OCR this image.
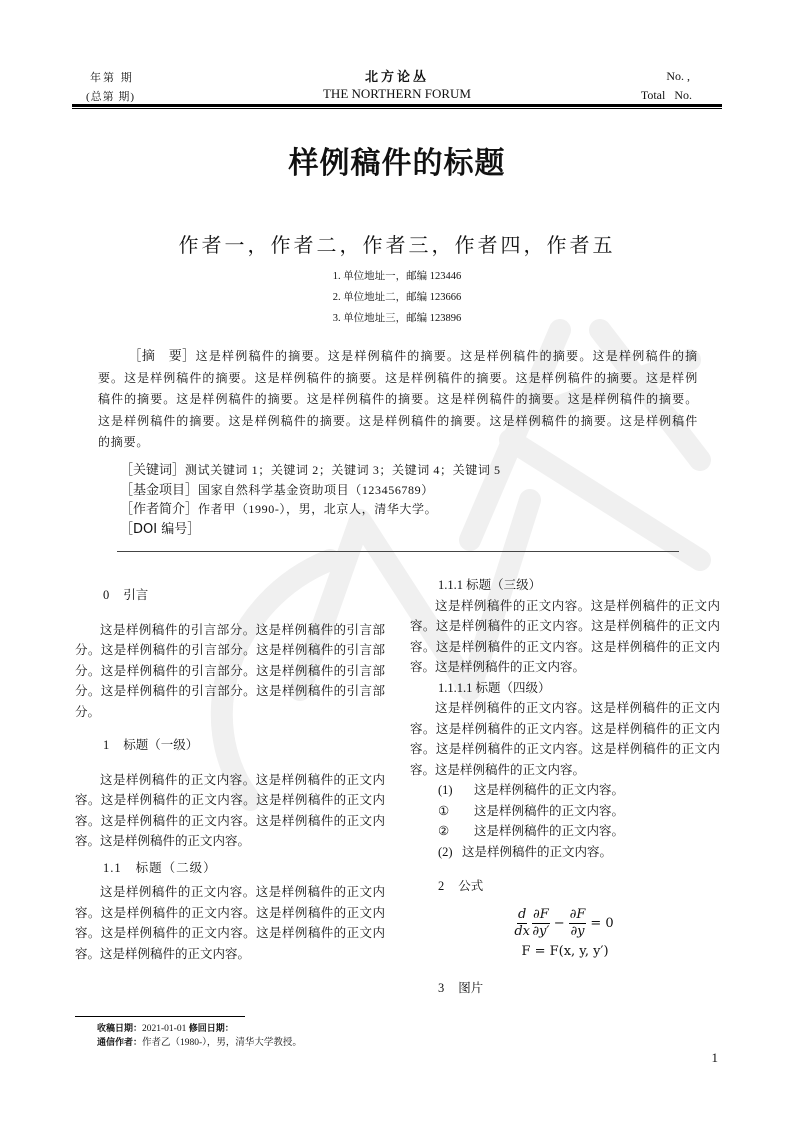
年第 期
(总第 期)
北方论丛
THE NORTHERN FORUM
No. ,
Total No.
样例稿件的标题
作者一，作者二，作者三，作者四，作者五
1. 单位地址一，邮编 123446
2. 单位地址二，邮编 123666
3. 单位地址三，邮编 123896
［摘　要］这是样例稿件的摘要。这是样例稿件的摘要。这是样例稿件的摘要。这是样例稿件的摘要。这是样例稿件的摘要。这是样例稿件的摘要。这是样例稿件的摘要。这是样例稿件的摘要。这是样例稿件的摘要。这是样例稿件的摘要。这是样例稿件的摘要。这是样例稿件的摘要。这是样例稿件的摘要。这是样例稿件的摘要。这是样例稿件的摘要。这是样例稿件的摘要。这是样例稿件的摘要。这是样例稿件的摘要。
［关键词］测试关键词 1；关键词 2；关键词 3；关键词 4；关键词 5
［基金项目］国家自然科学基金资助项目（123456789）
［作者简介］作者甲（1990-），男，北京人，清华大学。
［DOI 编号］
0 引言

这是样例稿件的引言部分。这是样例稿件的引言部分。这是样例稿件的引言部分。这是样例稿件的引言部分。这是样例稿件的引言部分。这是样例稿件的引言部分。这是样例稿件的引言部分。这是样例稿件的引言部分。

1 标题（一级）

这是样例稿件的正文内容。这是样例稿件的正文内容。这是样例稿件的正文内容。这是样例稿件的正文内容。这是样例稿件的正文内容。这是样例稿件的正文内容。这是样例稿件的正文内容。

1.1 标题（二级）

这是样例稿件的正文内容。这是样例稿件的正文内容。这是样例稿件的正文内容。这是样例稿件的正文内容。这是样例稿件的正文内容。这是样例稿件的正文内容。这是样例稿件的正文内容。

1.1.1 标题（三级）

这是样例稿件的正文内容。这是样例稿件的正文内容。这是样例稿件的正文内容。这是样例稿件的正文内容。这是样例稿件的正文内容。这是样例稿件的正文内容。这是样例稿件的正文内容。

1.1.1.1 标题（四级）

这是样例稿件的正文内容。这是样例稿件的正文内容。这是样例稿件的正文内容。这是样例稿件的正文内容。这是样例稿件的正文内容。这是样例稿件的正文内容。这是样例稿件的正文内容。

(1) 这是样例稿件的正文内容。
① 这是样例稿件的正文内容。
② 这是样例稿件的正文内容。
(2) 这是样例稿件的正文内容。
2 公式
$\frac{d}{dx} \frac{\partial F}{\partial y'} - \frac{\partial F}{\partial y} = 0$
F = F(x, y, y′)
3 图片
收稿日期：2021-01-01 修回日期：
通信作者：作者乙（1980-），男，清华大学教授。
1
